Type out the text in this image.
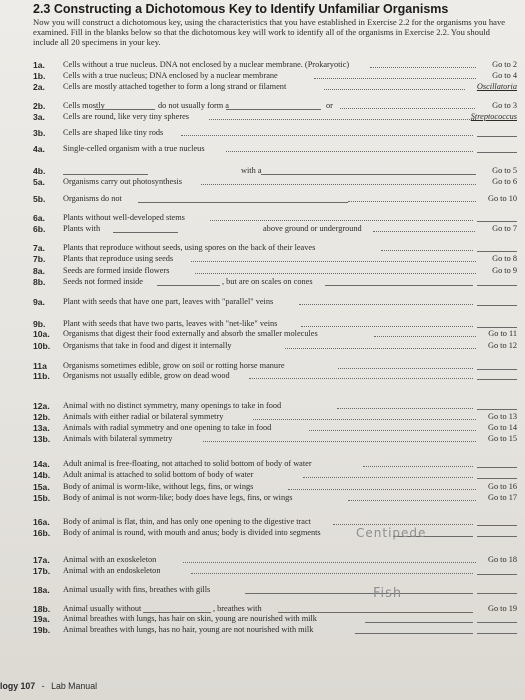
2.3 Constructing a Dichotomous Key to Identify Unfamiliar Organisms
Now you will construct a dichotomous key, using the characteristics that you have established in Exercise 2.2 for the organisms you have examined. Fill in the blanks below so that the dichotomous key will work to identify all of the organisms in Exercise 2.2. You should include all 20 specimens in your key.
1a.	Cells without a true nucleus. DNA not enclosed by a nuclear membrane. (Prokaryotic)	Go to 2
1b.	Cells with a true nucleus; DNA enclosed by a nuclear membrane	Go to 4
2a.	Cells are mostly attached together to form a long strand or filament	Oscillatoria
2b.	Cells mostly	do not usually form a	or	Go to 3
3a.	Cells are round, like very tiny spheres	Streptococcus
3b.	Cells are shaped like tiny rods
4a.	Single-celled organism with a true nucleus
4b.	with a	Go to 5
5a.	Organisms carry out photosynthesis	Go to 6
5b.	Organisms do not	Go to 10
6a.	Plants without well-developed stems
6b.	Plants with	above ground or underground	Go to 7
7a.	Plants that reproduce without seeds, using spores on the back of their leaves
7b.	Plants that reproduce using seeds	Go to 8
8a.	Seeds are formed inside flowers	Go to 9
8b.	Seeds not formed inside	, but are on scales on cones
9a.	Plant with seeds that have one part, leaves with "parallel" veins
9b.	Plant with seeds that have two parts, leaves with "net-like" veins
10a.	Organisms that digest their food externally and absorb the smaller molecules	Go to 11
10b.	Organisms that take in food and digest it internally	Go to 12
11a	Organisms sometimes edible, grow on soil or rotting horse manure
11b.	Organisms not usually edible, grow on dead wood
12a.	Animal with no distinct symmetry, many openings to take in food
12b.	Animals with either radial or bilateral symmetry	Go to 13
13a.	Animals with radial symmetry and one opening to take in food	Go to 14
13b.	Animals with bilateral symmetry	Go to 15
14a.	Adult animal is free-floating, not attached to solid bottom of body of water
14b.	Adult animal is attached to solid bottom of body of water
15a.	Body of animal is worm-like, without legs, fins, or wings	Go to 16
15b.	Body of animal is not worm-like; body does have legs, fins, or wings	Go to 17
16a.	Body of animal is flat, thin, and has only one opening to the digestive tract
16b.	Body of animal is round, with mouth and anus; body is divided into segments
17a.	Animal with an exoskeleton	Go to 18
17b.	Animal with an endoskeleton
18a.	Animal usually with fins, breathes with gills
18b.	Animal usually without	, breathes with	Go to 19
19a.	Animal breathes with lungs, has hair on skin, young are nourished with milk
19b.	Animal breathes with lungs, has no hair, young are not nourished with milk
Centipede
Fish
logy 107 - Lab Manual
